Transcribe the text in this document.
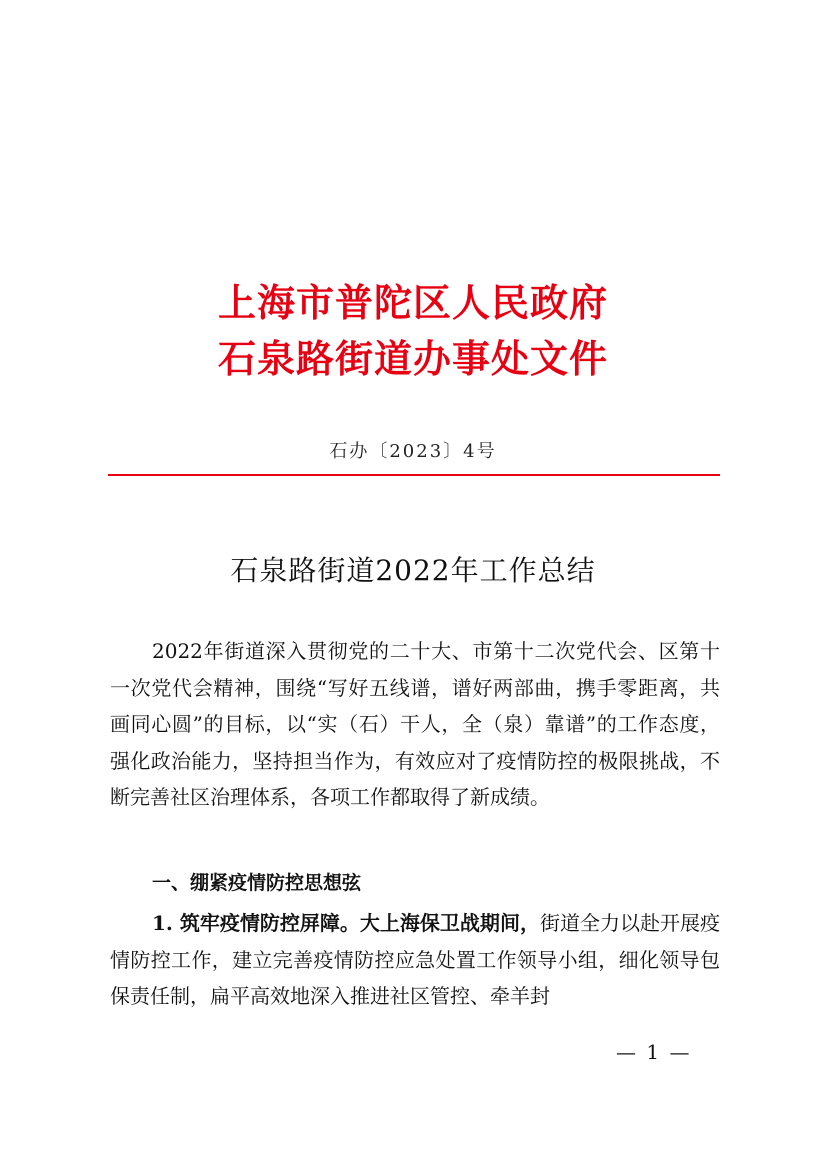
上海市普陀区人民政府
石泉路街道办事处文件
石办〔2023〕4号
石泉路街道2022年工作总结
2022年街道深入贯彻党的二十大、市第十二次党代会、区第十一次党代会精神，围绕“写好五线谱，谱好两部曲，携手零距离，共画同心圆”的目标，以“实（石）干人，全（泉）靠谱”的工作态度，强化政治能力，坚持担当作为，有效应对了疫情防控的极限挑战，不断完善社区治理体系，各项工作都取得了新成绩。
一、绷紧疫情防控思想弦
1. 筑牢疫情防控屏障。大上海保卫战期间，街道全力以赴开展疫情防控工作，建立完善疫情防控应急处置工作领导小组，细化领导包保责任制，扁平高效地深入推进社区管控、牵羊封
— 1 —
